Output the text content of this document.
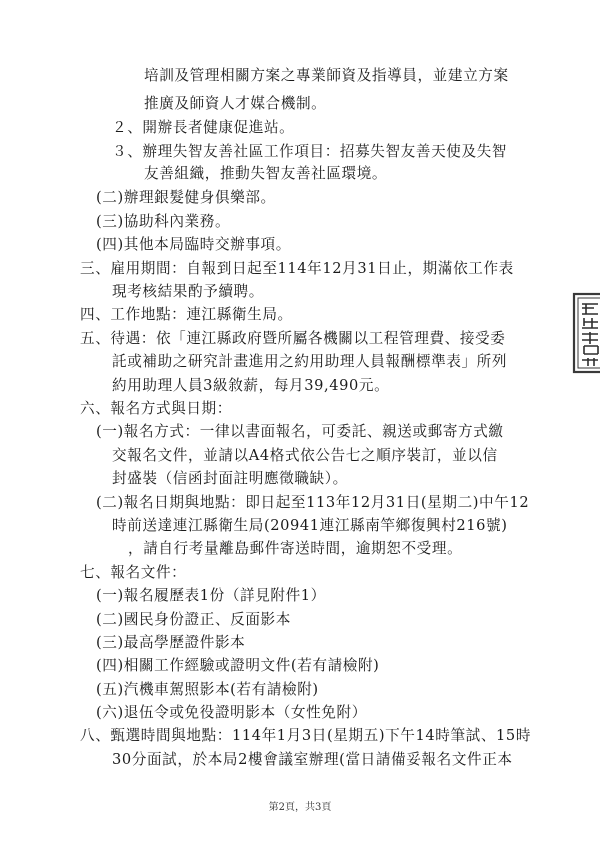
培訓及管理相關方案之專業師資及指導員，並建立方案
推廣及師資人才媒合機制。
２、開辦長者健康促進站。
３、辦理失智友善社區工作項目：招募失智友善天使及失智
友善組織，推動失智友善社區環境。
(二)辦理銀髮健身俱樂部。
(三)協助科內業務。
(四)其他本局臨時交辦事項。
三、雇用期間：自報到日起至114年12月31日止，期滿依工作表
現考核結果酌予續聘。
四、工作地點：連江縣衛生局。
五、待遇：依「連江縣政府暨所屬各機關以工程管理費、接受委
託或補助之研究計畫進用之約用助理人員報酬標準表」所列
約用助理人員3級敘薪，每月39,490元。
六、報名方式與日期：
(一)報名方式：一律以書面報名，可委託、親送或郵寄方式繳
交報名文件，並請以A4格式依公告七之順序裝訂，並以信
封盛裝（信函封面註明應徵職缺）。
(二)報名日期與地點：即日起至113年12月31日(星期二)中午12
時前送達連江縣衛生局(20941連江縣南竿鄉復興村216號)
，請自行考量離島郵件寄送時間，逾期恕不受理。
七、報名文件：
(一)報名履歷表1份（詳見附件1）
(二)國民身份證正、反面影本
(三)最高學歷證件影本
(四)相關工作經驗或證明文件(若有請檢附)
(五)汽機車駕照影本(若有請檢附)
(六)退伍令或免役證明影本（女性免附）
八、甄選時間與地點：114年1月3日(星期五)下午14時筆試、15時
30分面試，於本局2樓會議室辦理(當日請備妥報名文件正本
第2頁，共3頁
